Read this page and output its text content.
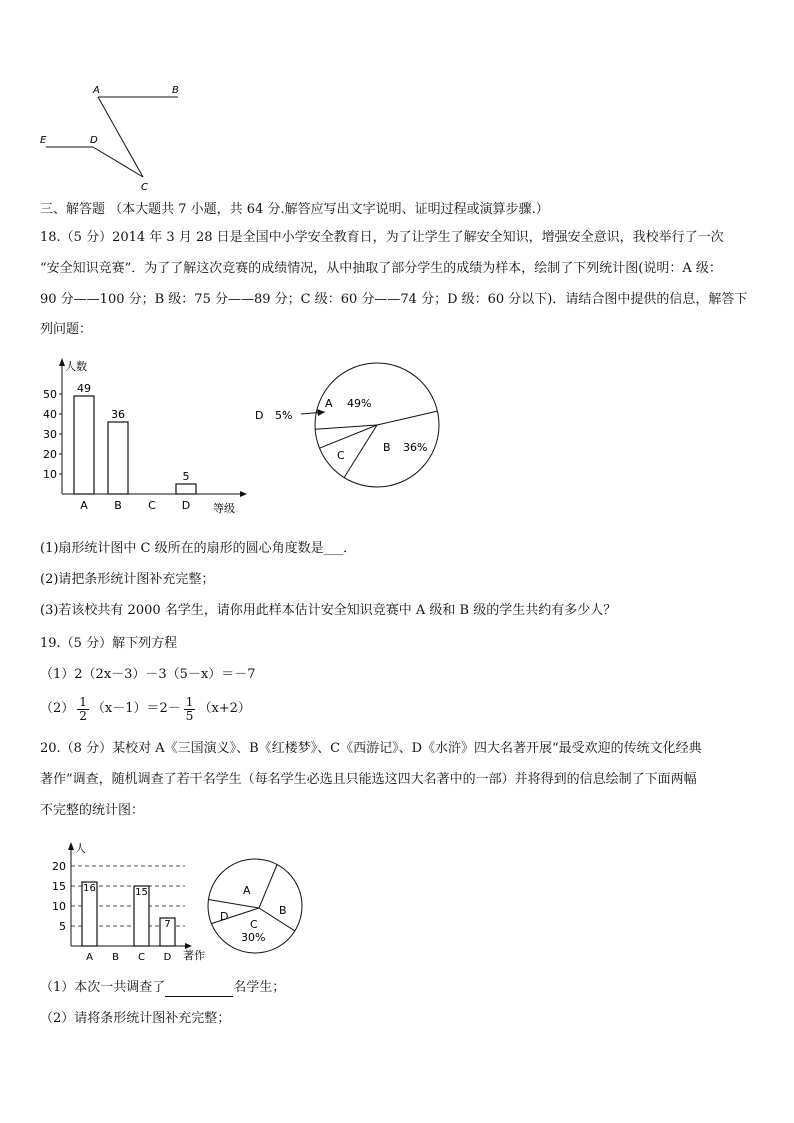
A	B
C
D
E
三、解答题 （本大题共 7 小题，共 64 分.解答应写出文字说明、证明过程或演算步骤.）
18.（5 分）2014 年 3 月 28 日是全国中小学安全教育日，为了让学生了解安全知识，增强安全意识，我校举行了一次
“安全知识竞赛”．为了了解这次竞赛的成绩情况，从中抽取了部分学生的成绩为样本，绘制了下列统计图(说明：A 级：
90 分——100 分；B 级：75 分——89 分；C 级：60 分——74 分；D 级：60 分以下)．请结合图中提供的信息，解答下
列问题：
人数
等级
10
20
30
40
50
A
49
B
36
C D
5
A 49%
B 36%
C
D 5%
(1)扇形统计图中 C 级所在的扇形的圆心角度数是___．
(2)请把条形统计图补充完整；
(3)若该校共有 2000 名学生，请你用此样本估计安全知识竞赛中 A 级和 B 级的学生共约有多少人？
19.（5 分）解下列方程
（1）2（2x－3）－3（5－x）＝－7
$(2) \frac{1}{2} (x-1)=2- \frac{1}{5} (x+2)$
20.（8 分）某校对 A《三国演义》、B《红楼梦》、C《西游记》、D《水浒》四大名著开展“最受欢迎的传统文化经典
著作”调查，随机调查了若干名学生（每名学生必选且只能选这四大名著中的一部）并将得到的信息绘制了下面两幅
不完整的统计图：
5
10
15
20
人
著作
A
16
B C
15
D
7
A
B
C
30%
D
（1）本次一共调查了	名学生；
（2）请将条形统计图补充完整；
